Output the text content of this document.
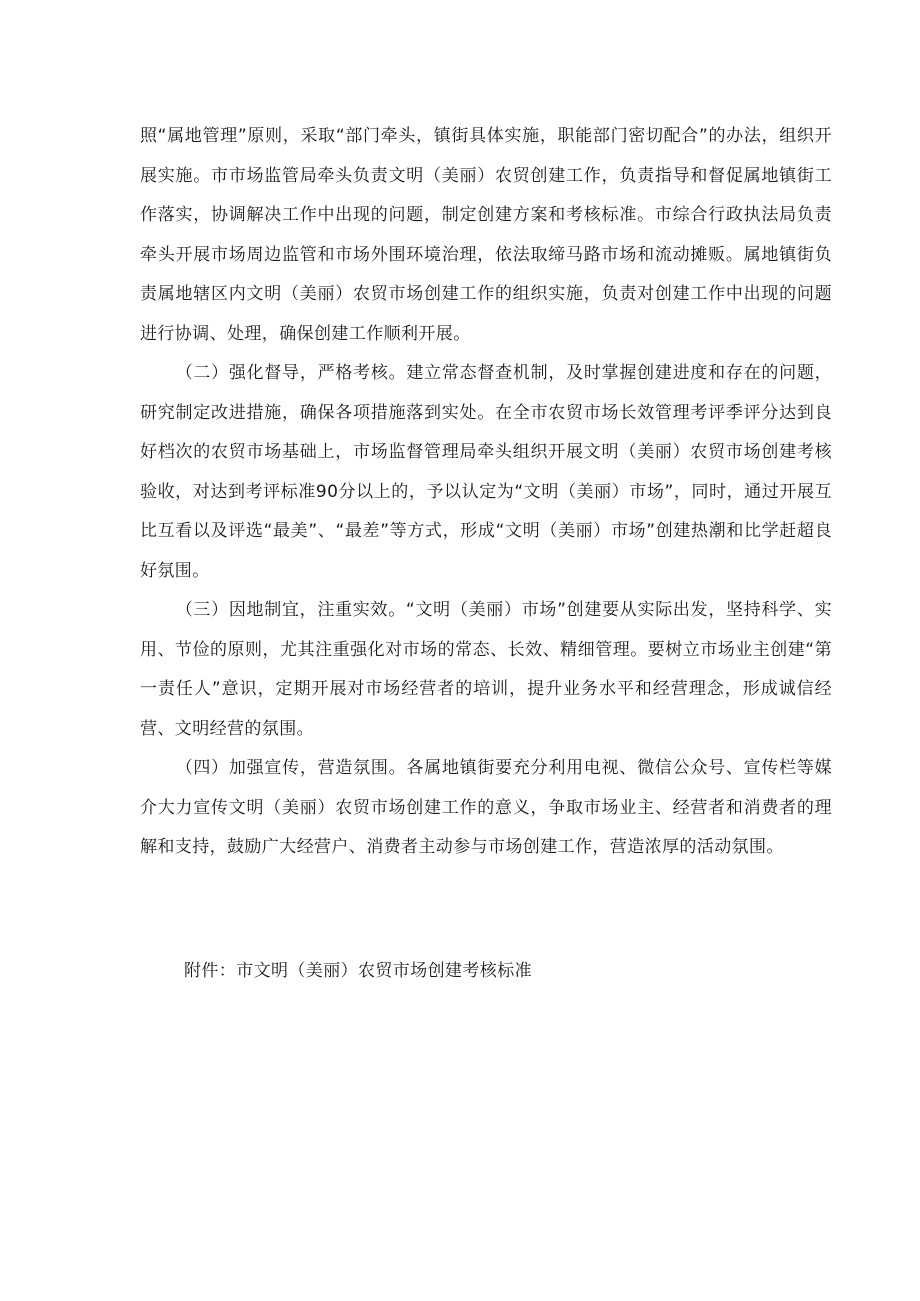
照“属地管理”原则，采取“部门牵头，镇街具体实施，职能部门密切配合”的办法，组织开展实施。市市场监管局牵头负责文明（美丽）农贸创建工作，负责指导和督促属地镇街工作落实，协调解决工作中出现的问题，制定创建方案和考核标准。市综合行政执法局负责牵头开展市场周边监管和市场外围环境治理，依法取缔马路市场和流动摊贩。属地镇街负责属地辖区内文明（美丽）农贸市场创建工作的组织实施，负责对创建工作中出现的问题进行协调、处理，确保创建工作顺利开展。

（二）强化督导，严格考核。建立常态督查机制，及时掌握创建进度和存在的问题，研究制定改进措施，确保各项措施落到实处。在全市农贸市场长效管理考评季评分达到良好档次的农贸市场基础上，市场监督管理局牵头组织开展文明（美丽）农贸市场创建考核验收，对达到考评标准90分以上的，予以认定为“文明（美丽）市场”，同时，通过开展互比互看以及评选“最美”、“最差”等方式，形成“文明（美丽）市场”创建热潮和比学赶超良好氛围。

（三）因地制宜，注重实效。“文明（美丽）市场”创建要从实际出发，坚持科学、实用、节俭的原则，尤其注重强化对市场的常态、长效、精细管理。要树立市场业主创建“第一责任人”意识，定期开展对市场经营者的培训，提升业务水平和经营理念，形成诚信经营、文明经营的氛围。

（四）加强宣传，营造氛围。各属地镇街要充分利用电视、微信公众号、宣传栏等媒介大力宣传文明（美丽）农贸市场创建工作的意义，争取市场业主、经营者和消费者的理解和支持，鼓励广大经营户、消费者主动参与市场创建工作，营造浓厚的活动氛围。

附件：市文明（美丽）农贸市场创建考核标准
